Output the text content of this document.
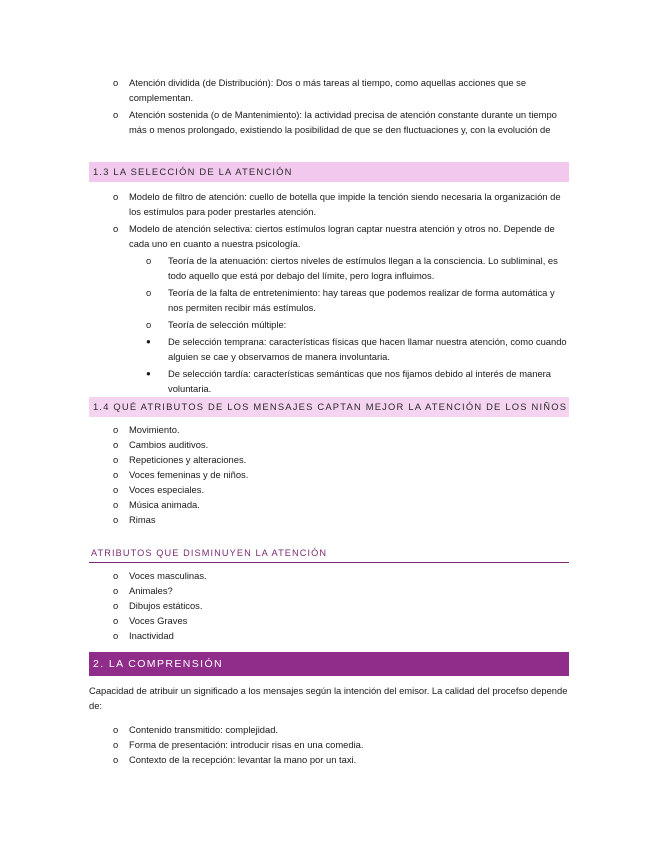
o Atención dividida (de Distribución): Dos o más tareas al tiempo, como aquellas acciones que se complementan.
o Atención sostenida (o de Mantenimiento): la actividad precisa de atención constante durante un tiempo más o menos prolongado, existiendo la posibilidad de que se den fluctuaciones y, con la evolución de
1.3 LA SELECCIÓN DE LA ATENCIÓN
o Modelo de filtro de atención: cuello de botella que impide la tención siendo necesaria la organización de los estímulos para poder prestarles atención.
o Modelo de atención selectiva: ciertos estímulos logran captar nuestra atención y otros no. Depende de cada uno en cuanto a nuestra psicología.
o Teoría de la atenuación: ciertos niveles de estímulos llegan a la consciencia. Lo subliminal, es todo aquello que está por debajo del límite, pero logra influimos.
o Teoría de la falta de entretenimiento: hay tareas que podemos realizar de forma automática y nos permiten recibir más estímulos.
o Teoría de selección múltiple:
● De selección temprana: características físicas que hacen llamar nuestra atención, como cuando alguien se cae y observamos de manera involuntaria.
● De selección tardía: características semánticas que nos fijamos debido al interés de manera voluntaria.
1.4 QUÉ ATRIBUTOS DE LOS MENSAJES CAPTAN MEJOR LA ATENCIÓN DE LOS NIÑOS
o Movimiento.
o Cambios auditivos.
o Repeticiones y alteraciones.
o Voces femeninas y de niños.
o Voces especiales.
o Música animada.
o Rimas
ATRIBUTOS QUE DISMINUYEN LA ATENCIÓN
o Voces masculinas.
o Animales?
o Dibujos estáticos.
o Voces Graves
o Inactividad
2. LA COMPRENSIÓN
Capacidad de atribuir un significado a los mensajes según la intención del emisor. La calidad del procefso depende de:
o Contenido transmitido: complejidad.
o Forma de presentación: introducir risas en una comedia.
o Contexto de la recepción: levantar la mano por un taxi.
